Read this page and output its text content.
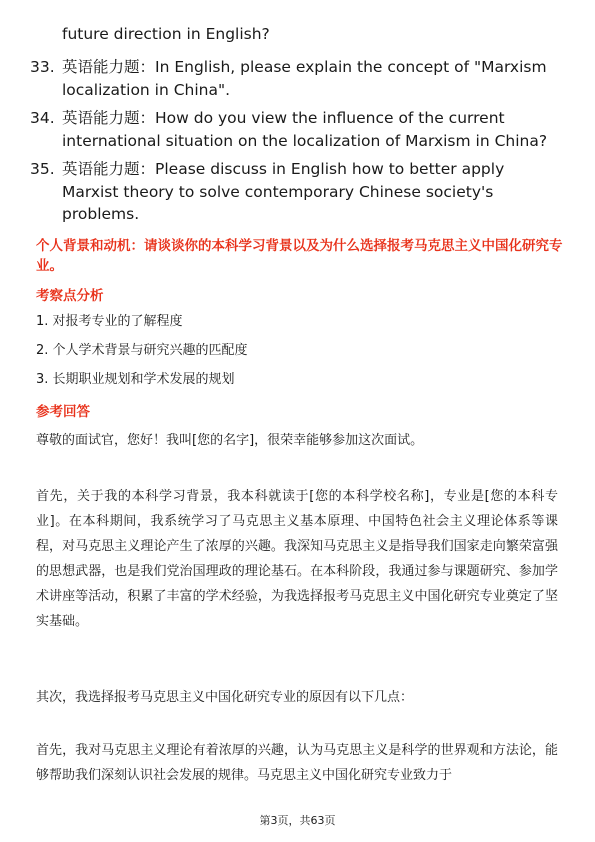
future direction in English?
33. 英语能力题：In English, please explain the concept of "Marxism localization in China".
34. 英语能力题：How do you view the influence of the current international situation on the localization of Marxism in China?
35. 英语能力题：Please discuss in English how to better apply Marxist theory to solve contemporary Chinese society's problems.
个人背景和动机：请谈谈你的本科学习背景以及为什么选择报考马克思主义中国化研究专业。
考察点分析
1. 对报考专业的了解程度
2. 个人学术背景与研究兴趣的匹配度
3. 长期职业规划和学术发展的规划
参考回答

尊敬的面试官，您好！我叫[您的名字]，很荣幸能够参加这次面试。

首先，关于我的本科学习背景，我本科就读于[您的本科学校名称]，专业是[您的本科专业]。在本科期间，我系统学习了马克思主义基本原理、中国特色社会主义理论体系等课程，对马克思主义理论产生了浓厚的兴趣。我深知马克思主义是指导我们国家走向繁荣富强的思想武器，也是我们党治国理政的理论基石。在本科阶段，我通过参与课题研究、参加学术讲座等活动，积累了丰富的学术经验，为我选择报考马克思主义中国化研究专业奠定了坚实基础。

其次，我选择报考马克思主义中国化研究专业的原因有以下几点：

首先，我对马克思主义理论有着浓厚的兴趣，认为马克思主义是科学的世界观和方法论，能够帮助我们深刻认识社会发展的规律。马克思主义中国化研究专业致力于

第3页，共63页
